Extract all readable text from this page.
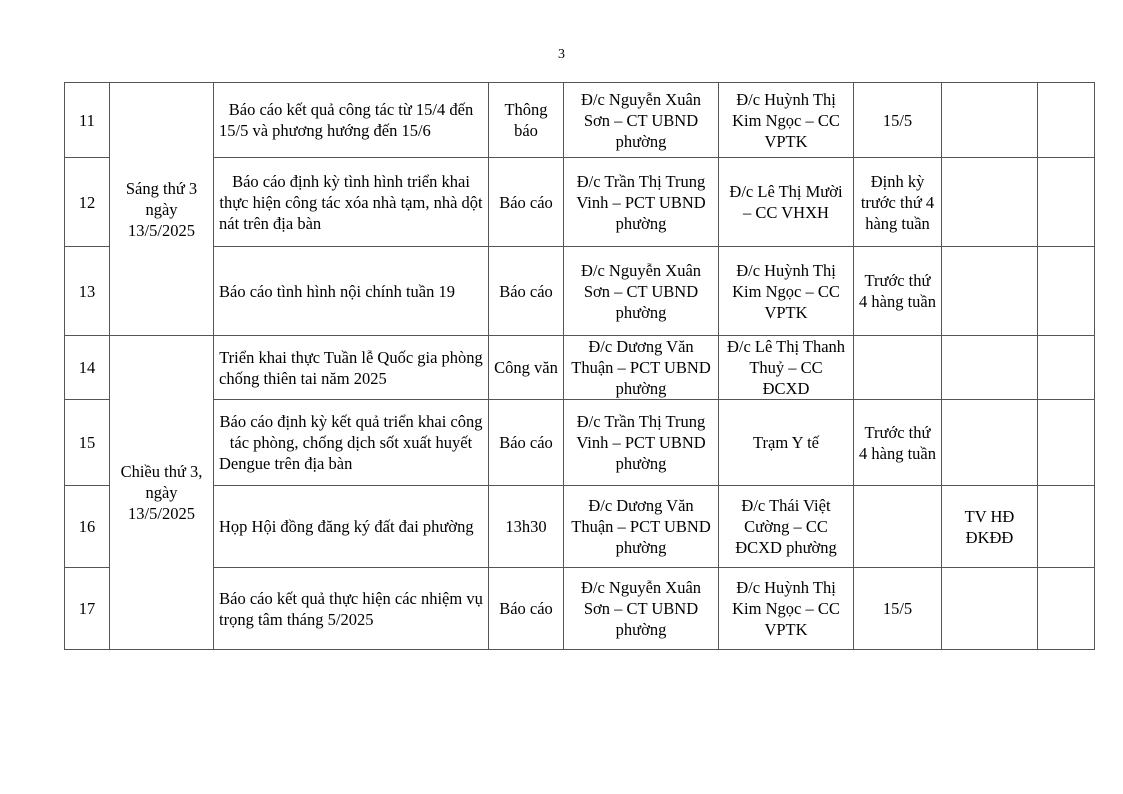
3
11	Sáng thứ 3 ngày 13/5/2025	Báo cáo kết quả công tác từ 15/4 đến 15/5 và phương hướng đến 15/6	Thông báo	Đ/c Nguyễn Xuân Sơn – CT UBND phường	Đ/c Huỳnh Thị Kim Ngọc – CC VPTK	15/5		
12		Báo cáo định kỳ tình hình triển khai thực hiện công tác xóa nhà tạm, nhà dột nát trên địa bàn	Báo cáo	Đ/c Trần Thị Trung Vinh – PCT UBND phường	Đ/c Lê Thị Mười – CC VHXH	Định kỳ trước thứ 4 hàng tuần		
13		Báo cáo tình hình nội chính tuần 19	Báo cáo	Đ/c Nguyễn Xuân Sơn – CT UBND phường	Đ/c Huỳnh Thị Kim Ngọc – CC VPTK	Trước thứ 4 hàng tuần		
14	Chiều thứ 3, ngày 13/5/2025	Triển khai thực Tuần lễ Quốc gia phòng chống thiên tai năm 2025	Công văn	Đ/c Dương Văn Thuận – PCT UBND phường	Đ/c Lê Thị Thanh Thuỷ – CC ĐCXD			
15		Báo cáo định kỳ kết quả triển khai công tác phòng, chống dịch sốt xuất huyết Dengue trên địa bàn	Báo cáo	Đ/c Trần Thị Trung Vinh – PCT UBND phường	Trạm Y tế	Trước thứ 4 hàng tuần		
16		Họp Hội đồng đăng ký đất đai phường	13h30	Đ/c Dương Văn Thuận – PCT UBND phường	Đ/c Thái Việt Cường – CC ĐCXD phường		TV HĐ ĐKĐĐ	
17		Báo cáo kết quả thực hiện các nhiệm vụ trọng tâm tháng 5/2025	Báo cáo	Đ/c Nguyễn Xuân Sơn – CT UBND phường	Đ/c Huỳnh Thị Kim Ngọc – CC VPTK	15/5		
